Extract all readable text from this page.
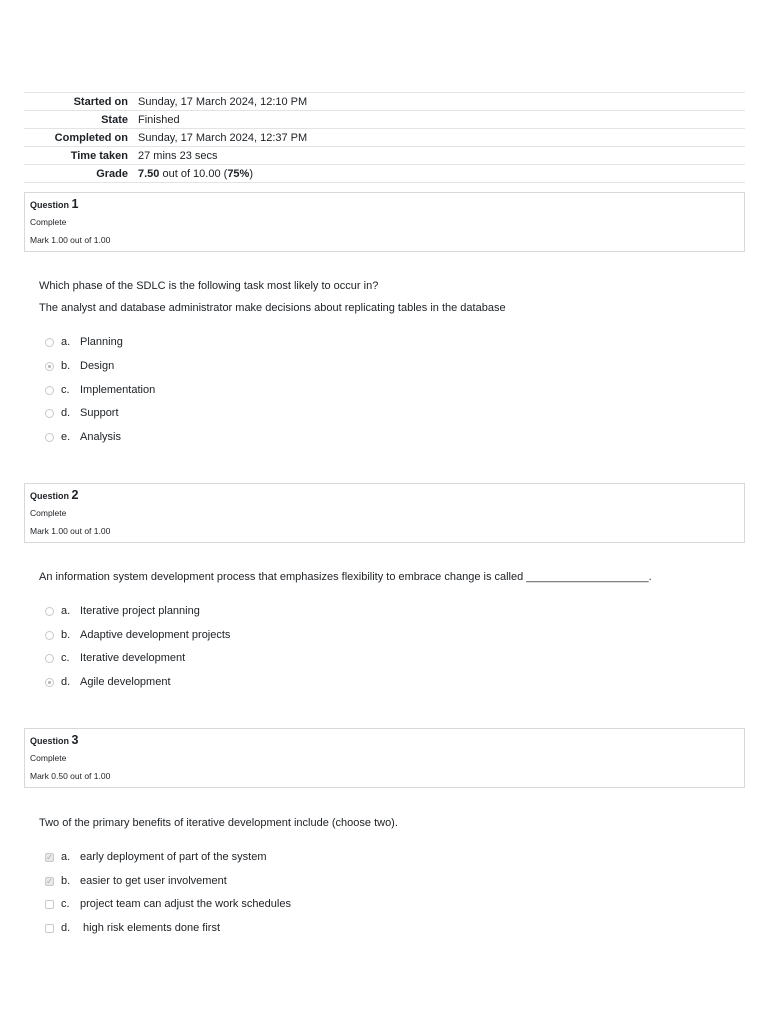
Started on	Sunday, 17 March 2024, 12:10 PM
State	Finished
Completed on	Sunday, 17 March 2024, 12:37 PM
Time taken	27 mins 23 secs
Grade	7.50 out of 10.00 (75%)
Question 1
Complete
Mark 1.00 out of 1.00
Which phase of the SDLC is the following task most likely to occur in?
The analyst and database administrator make decisions about replicating tables in the database
a. Planning
b. Design
c. Implementation
d. Support
e. Analysis
Question 2
Complete
Mark 1.00 out of 1.00
An information system development process that emphasizes flexibility to embrace change is called ____________________.
a. Iterative project planning
b. Adaptive development projects
c. Iterative development
d. Agile development
Question 3
Complete
Mark 0.50 out of 1.00
Two of the primary benefits of iterative development include (choose two).
✓ a. early deployment of part of the system
✓ b. easier to get user involvement
c. project team can adjust the work schedules
d. high risk elements done first
